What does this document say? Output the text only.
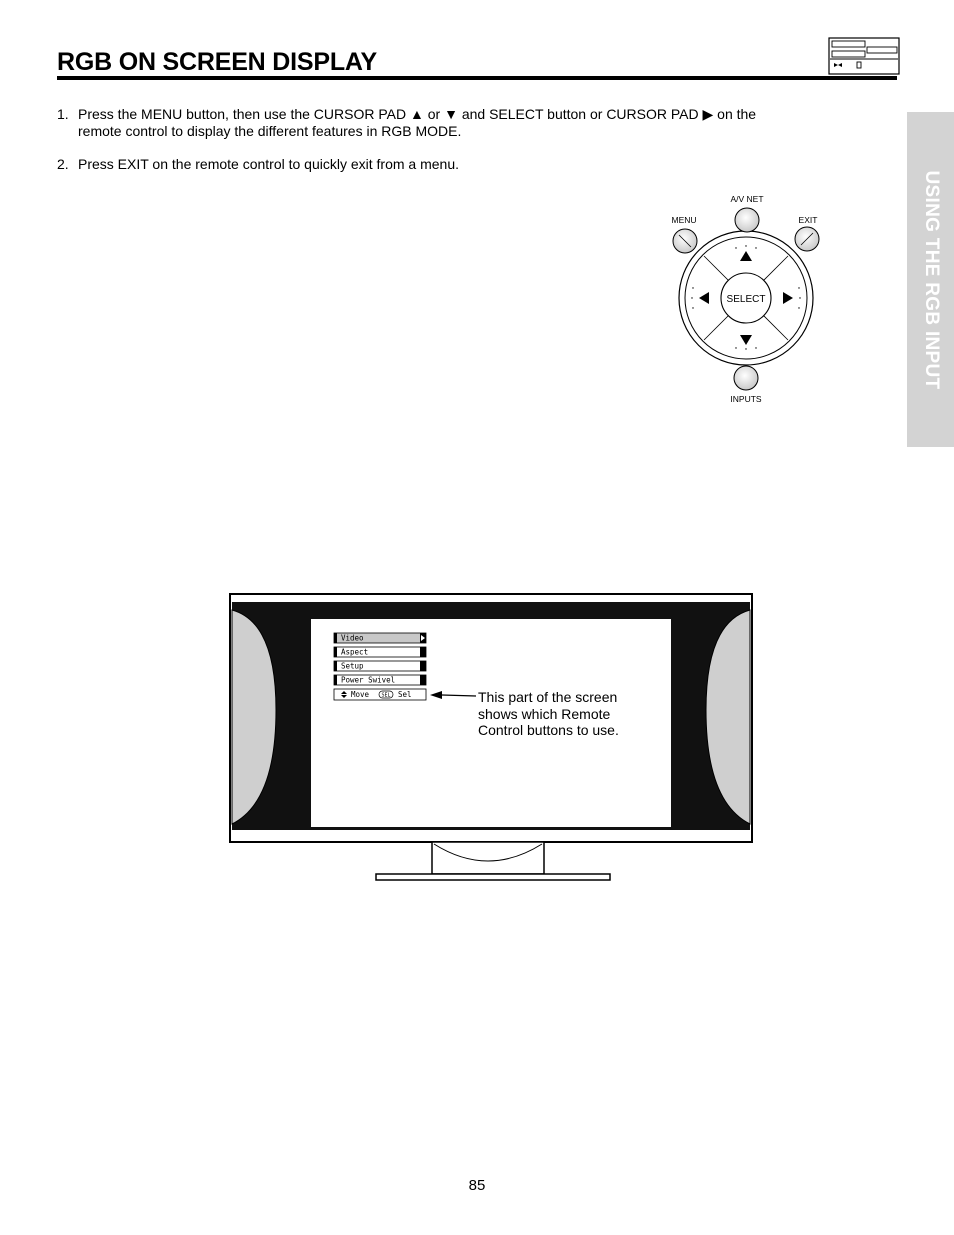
RGB ON SCREEN DISPLAY
USING THE RGB INPUT
1. Press the MENU button, then use the CURSOR PAD ▲ or ▼ and SELECT button or CURSOR PAD ▶ on the remote control to display the different features in RGB MODE.
2. Press EXIT on the remote control to quickly exit from a menu.
A/V NET
MENU	EXIT
SELECT
INPUTS
Video
Aspect
Setup
Power Swivel
Move SEL Sel	This part of the screen shows which Remote Control buttons to use.
85
